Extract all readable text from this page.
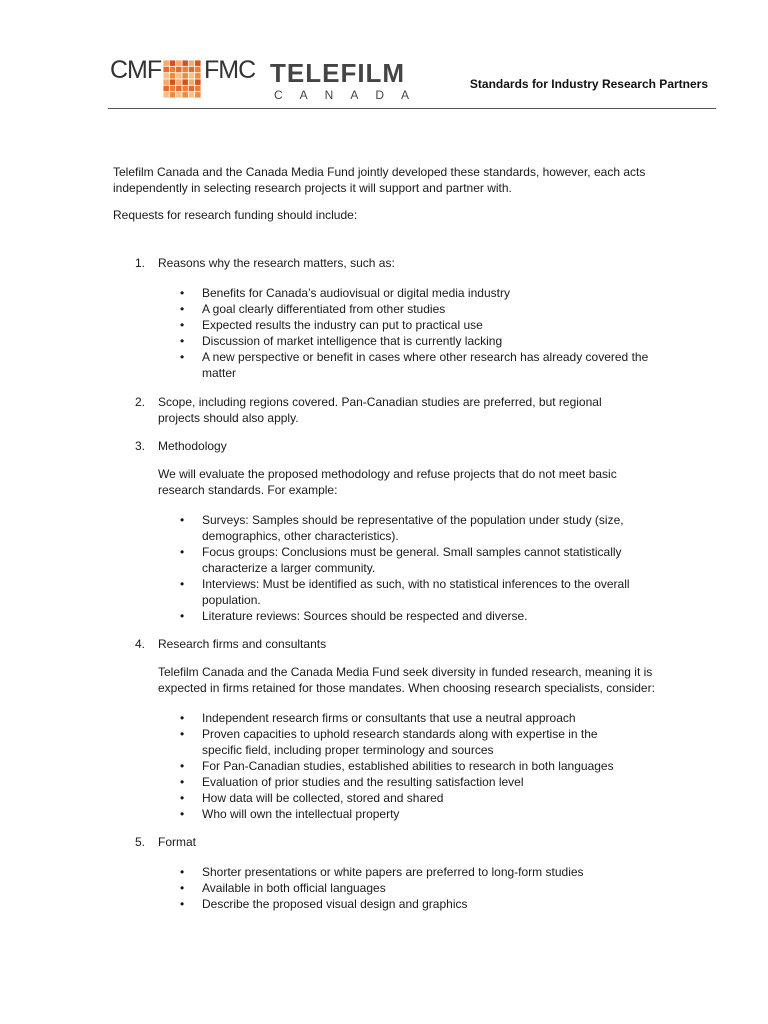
CMF FMC TELEFILM
CANADA
Standards for Industry Research Partners

Telefilm Canada and the Canada Media Fund jointly developed these standards, however, each acts independently in selecting research projects it will support and partner with.

Requests for research funding should include:

1. Reasons why the research matters, such as:

• Benefits for Canada’s audiovisual or digital media industry
• A goal clearly differentiated from other studies
• Expected results the industry can put to practical use
• Discussion of market intelligence that is currently lacking
• A new perspective or benefit in cases where other research has already covered the matter
2. Scope, including regions covered. Pan-Canadian studies are preferred, but regional projects should also apply.

3. Methodology

We will evaluate the proposed methodology and refuse projects that do not meet basic research standards. For example:

• Surveys: Samples should be representative of the population under study (size, demographics, other characteristics).
• Focus groups: Conclusions must be general. Small samples cannot statistically characterize a larger community.
• Interviews: Must be identified as such, with no statistical inferences to the overall population.
• Literature reviews: Sources should be respected and diverse.
4. Research firms and consultants

Telefilm Canada and the Canada Media Fund seek diversity in funded research, meaning it is expected in firms retained for those mandates. When choosing research specialists, consider:

• Independent research firms or consultants that use a neutral approach
• Proven capacities to uphold research standards along with expertise in the specific field, including proper terminology and sources
• For Pan-Canadian studies, established abilities to research in both languages
• Evaluation of prior studies and the resulting satisfaction level
• How data will be collected, stored and shared
• Who will own the intellectual property
5. Format

• Shorter presentations or white papers are preferred to long-form studies
• Available in both official languages
• Describe the proposed visual design and graphics
